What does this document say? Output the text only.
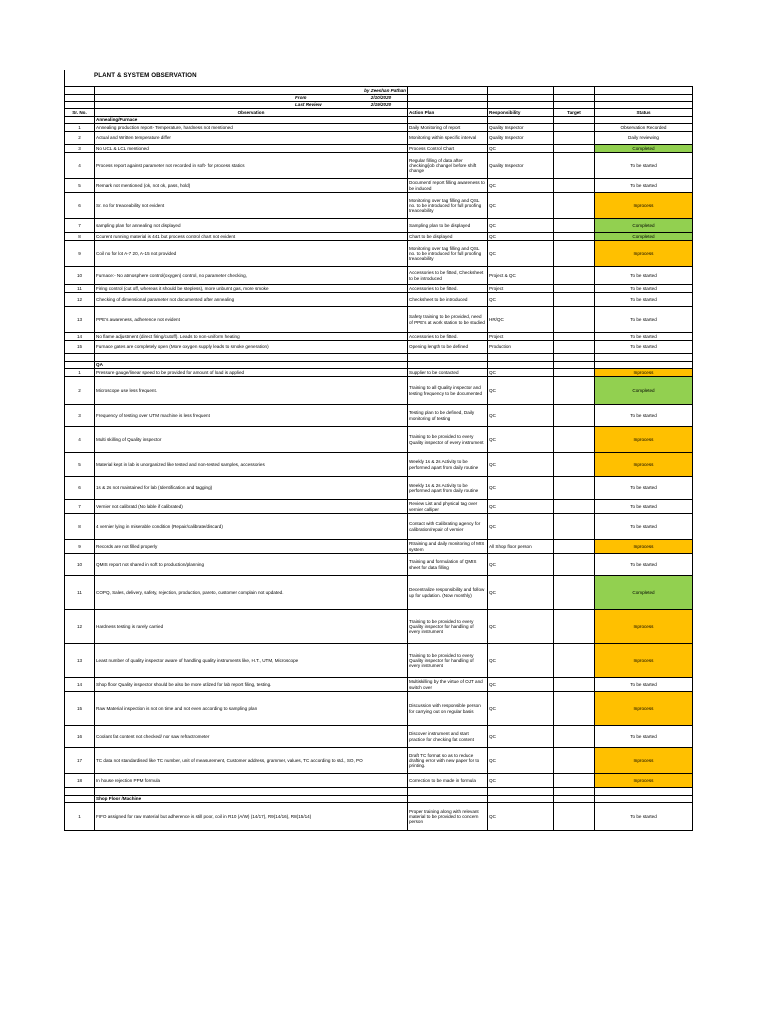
PLANT & SYSTEM OBSERVATION
	by Zeeshan Pathan				

	From 2/10/2020				

	Last Review 2/19/2020				

Sr. No.	Observation	Action Plan	Responsibility	Target	Status
	Annealing/Furnace				
1	Annealing production report- Temperature, hardness not mentioned	Daily Monitoring of report	Quality Inspector		Observation Recorded
2	Actual and Written temperature differ	Monitoring within specific interval	Quality Inspector		Daily reviewing
3	No UCL & LCL mentioned	Process Control Chart	QC		Completed
4	Process report against parameter not recorded in soft- for process statics	Regular filling of data after checking/job change/ before shift change	Quality Inspector		To be started
5	Remark not mentioned (ok, not ok, pass, hold)	Document/ report filling awareness to be induced	QC		To be started
6	Sr. no for treaceability not evident	Monitoring over tag filling and QSL no. to be introduced for full proofing treaceability	QC		Inprocess
7	sampling plan for annealing not displayed	Sampling plan to be displayed	QC		Completed
8	Ccurent running material is 441 but process control chart not evident	Chart to be displayed	QC		Completed
9	Coil no for lot A-7 20, A-15 not provided	Monitoring over tag filling and QSL no. to be introduced for full proofing treaceability	QC		Inprocess
10	Furnace:- No atmosphere control(oxygen) control, no parameter checking,	Accessories to be fitted, Checksheet to be introduced	Project & QC		To be started
11	Firing control (cut off, whereas it should be stepless), more unburnt gas, more smoke	Accessories to be fitted.	Project		To be started
12	Checking of dimensional parameter not documented after annealing	Checksheet to be introduced	QC		To be started
13	PPE's awareness, adherence not evident	Safety training to be provided, need of PPE's at work station to be studied	HR/QC		To be started
14	No flame adjustment (direct firing/cutoff). Leads to non-uniform heating	Accessories to be fitted.	Project		To be started
15	Furnace gates are completely open (More oxygen supply leads to smoke generation)	Opening length to be defined	Production		To be started

	QA				
1	Pressure gauge/linear speed to be provided for amount of load is applied	Supplier to be contacted	QC		Inprocess
2	Microscope use less frequent.	Training to all Quality inspector and testing frequency to be documented	QC		Completed
3	Frequency of testing over UTM machine is less frequent	Testing plan to be defined, Daily monitoring of testing	QC		To be started
4	Multi skilling of Quality inspector	Training to be provided to every Quality inspector of every instrument	QC		Inprocess
5	Material kept in lab is unorganized like tested and non-tested samples, accessories	Weekly 1s & 2s Activity to be performed apart from daily routine	QC		Inprocess
6	1s & 2s not maintained for lab (Identification and tagging)	Weekly 1s & 2s Activity to be performed apart from daily routine	QC		To be started
7	Vernier not calibratd (No lable if calibrated)	Review List and physical tag over vernier calliper	QC		To be started
8	4 vernier lying in miserable condition (Repair/calibrate/discard)	Contact with Calibrating agency for calibration/repair of vernier	QC		To be started
9	Records are not filled properly	Rtraining and daily monitoring of MIS system	All Shop floor person		Inprocess
10	QMIS report not shared in soft to production/planning	Training and formulation of QMIS sheet for data filling	QC		To be started
11	COPQ, Sales, delivery, safety, rejection, production, pareto, customer complain not updated.	Decentralize responsibility and follow up for updation. (Now monthly)	QC		Completed
12	Hardness testing is rarely carried	Training to be provided to every Quality inspector for handling of every instrument	QC		Inprocess
13	Least number of quality inspector aware of handling quality instruments like, H.T., UTM, Microscope	Training to be provided to every Quality inspector for handling of every instrument	QC		Inprocess
14	Shop floor Quality inspector should be also be more utlized for lab report filing, testing.	Multiskilling by the virtue of OJT and switch over	QC		To be started
15	Raw Material inspection is not on time and not even according to sampling plan	Discussion with responsible person for carrying out on regular basis	QC		Inprocess
16	Coolant fat content not checked/ nor saw refractrometer	Discover instrument and start practice for checking fat content	QC		To be started
17	TC data not standardised like TC number, unit of measurement, Customer address, grammer, values, TC according to std., SO, PO	Draft TC format so as to reduce drafting error with new paper for to printing.	QC		Inprocess
18	In house rejection PPM formula	Correction to be made in formula	QC		Inprocess

	Shop Floor /Machine				
1	FIFO assigned for raw material but adherence is still poor, coil in R10 (A/W) (14/17), R9(14/16), R8(15/14)	Proper training along with relevant material to be provided to concern person	QC		To be started
